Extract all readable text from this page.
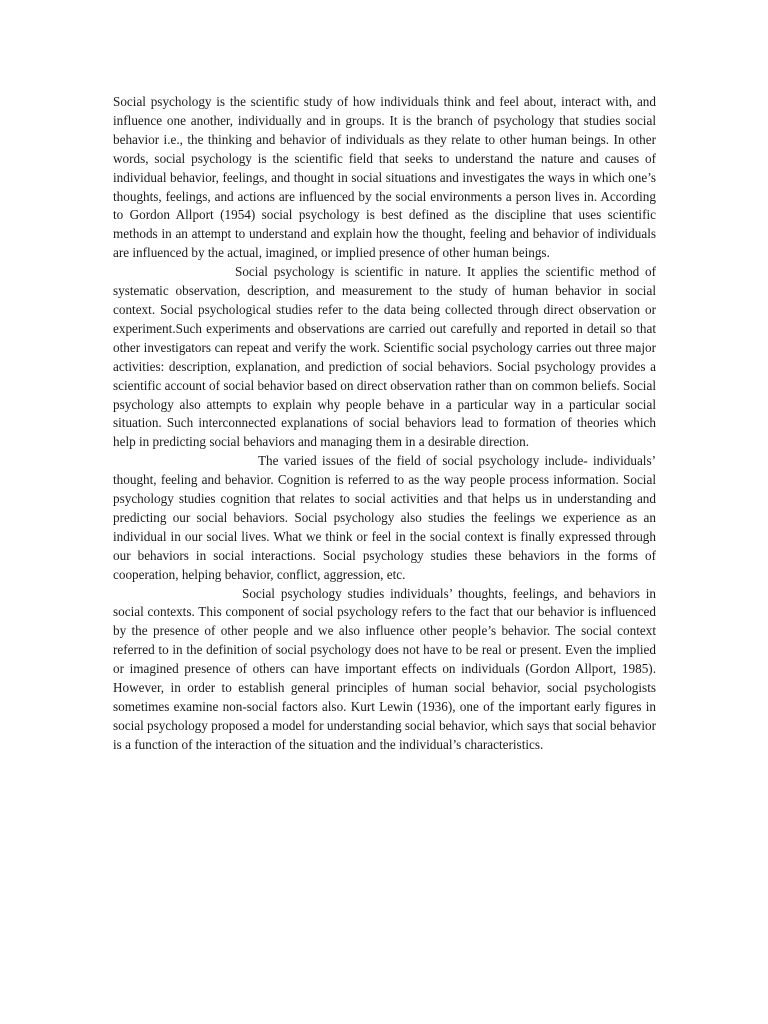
Social psychology is the scientific study of how individuals think and feel about, interact with, and influence one another, individually and in groups. It is the branch of psychology that studies social behavior i.e., the thinking and behavior of individuals as they relate to other human beings. In other words, social psychology is the scientific field that seeks to understand the nature and causes of individual behavior, feelings, and thought in social situations and investigates the ways in which one’s thoughts, feelings, and actions are influenced by the social environments a person lives in. According to Gordon Allport (1954) social psychology is best defined as the discipline that uses scientific methods in an attempt to understand and explain how the thought, feeling and behavior of individuals are influenced by the actual, imagined, or implied presence of other human beings.

Social psychology is scientific in nature. It applies the scientific method of systematic observation, description, and measurement to the study of human behavior in social context. Social psychological studies refer to the data being collected through direct observation or experiment.Such experiments and observations are carried out carefully and reported in detail so that other investigators can repeat and verify the work. Scientific social psychology carries out three major activities: description, explanation, and prediction of social behaviors. Social psychology provides a scientific account of social behavior based on direct observation rather than on common beliefs. Social psychology also attempts to explain why people behave in a particular way in a particular social situation. Such interconnected explanations of social behaviors lead to formation of theories which help in predicting social behaviors and managing them in a desirable direction.

The varied issues of the field of social psychology include- individuals’ thought, feeling and behavior. Cognition is referred to as the way people process information. Social psychology studies cognition that relates to social activities and that helps us in understanding and predicting our social behaviors. Social psychology also studies the feelings we experience as an individual in our social lives. What we think or feel in the social context is finally expressed through our behaviors in social interactions. Social psychology studies these behaviors in the forms of cooperation, helping behavior, conflict, aggression, etc.

Social psychology studies individuals’ thoughts, feelings, and behaviors in social contexts. This component of social psychology refers to the fact that our behavior is influenced by the presence of other people and we also influence other people’s behavior. The social context referred to in the definition of social psychology does not have to be real or present. Even the implied or imagined presence of others can have important effects on individuals (Gordon Allport, 1985). However, in order to establish general principles of human social behavior, social psychologists sometimes examine non-social factors also. Kurt Lewin (1936), one of the important early figures in social psychology proposed a model for understanding social behavior, which says that social behavior is a function of the interaction of the situation and the individual’s characteristics.
